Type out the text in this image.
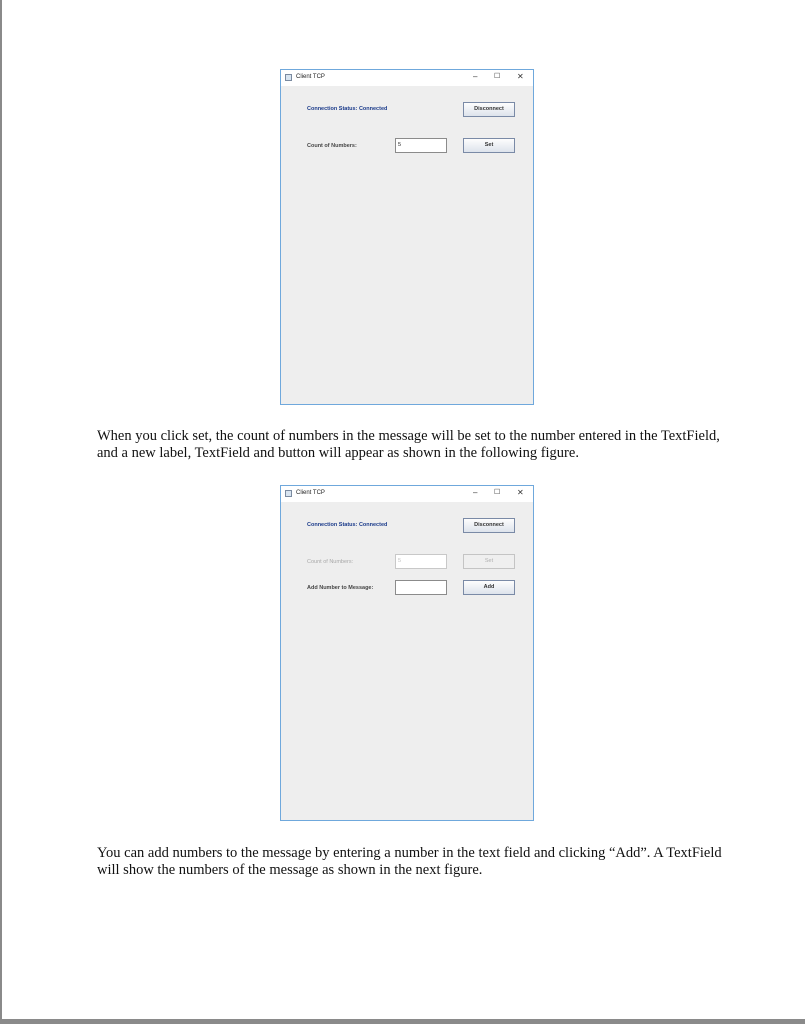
Client TCP	– ☐ ✕
Connection Status: Connected	Disconnect
Count of Numbers:	5	Set
When you click set, the count of numbers in the message will be set to the number entered in the TextField, and a new label, TextField and button will appear as shown in the following figure.
Client TCP	– ☐ ✕
Connection Status: Connected	Disconnect
Count of Numbers:	5	Set
Add Number to Message:	Add
You can add numbers to the message by entering a number in the text field and clicking “Add”. A TextField will show the numbers of the message as shown in the next figure.
